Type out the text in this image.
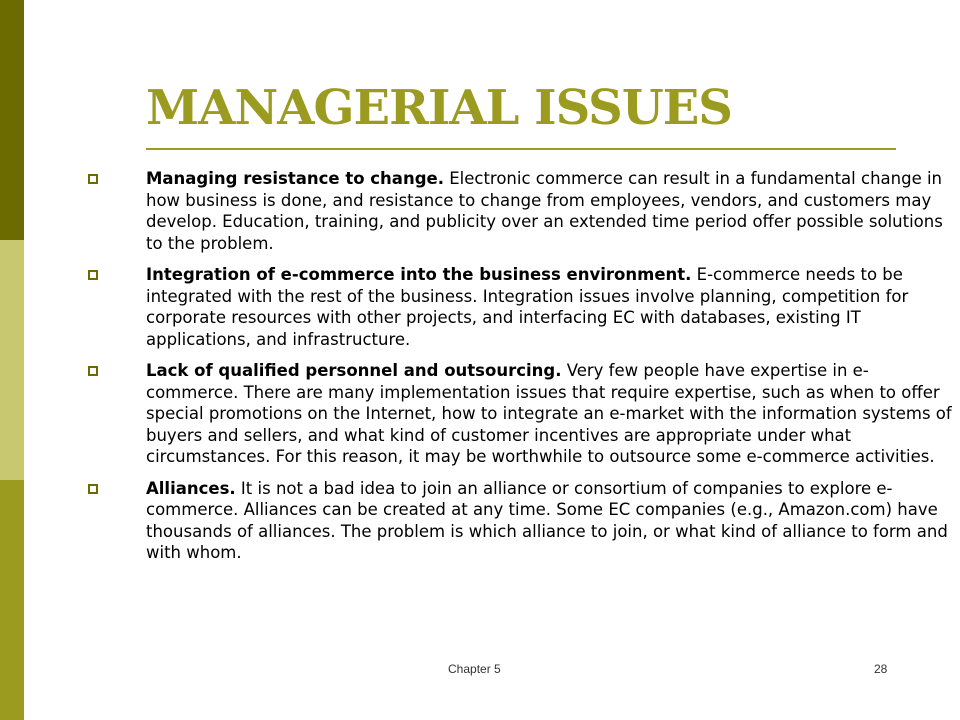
MANAGERIAL ISSUES
Managing resistance to change. Electronic commerce can result in a fundamental change in how business is done, and resistance to change from employees, vendors, and customers may develop. Education, training, and publicity over an extended time period offer possible solutions to the problem.
Integration of e-commerce into the business environment. E-commerce needs to be integrated with the rest of the business. Integration issues involve planning, competition for corporate resources with other projects, and interfacing EC with databases, existing IT applications, and infrastructure.
Lack of qualified personnel and outsourcing. Very few people have expertise in e-commerce. There are many implementation issues that require expertise, such as when to offer special promotions on the Internet, how to integrate an e-market with the information systems of buyers and sellers, and what kind of customer incentives are appropriate under what circumstances. For this reason, it may be worthwhile to outsource some e-commerce activities.
Alliances. It is not a bad idea to join an alliance or consortium of companies to explore e-commerce. Alliances can be created at any time. Some EC companies (e.g., Amazon.com) have thousands of alliances. The problem is which alliance to join, or what kind of alliance to form and with whom.
Chapter 5	28
